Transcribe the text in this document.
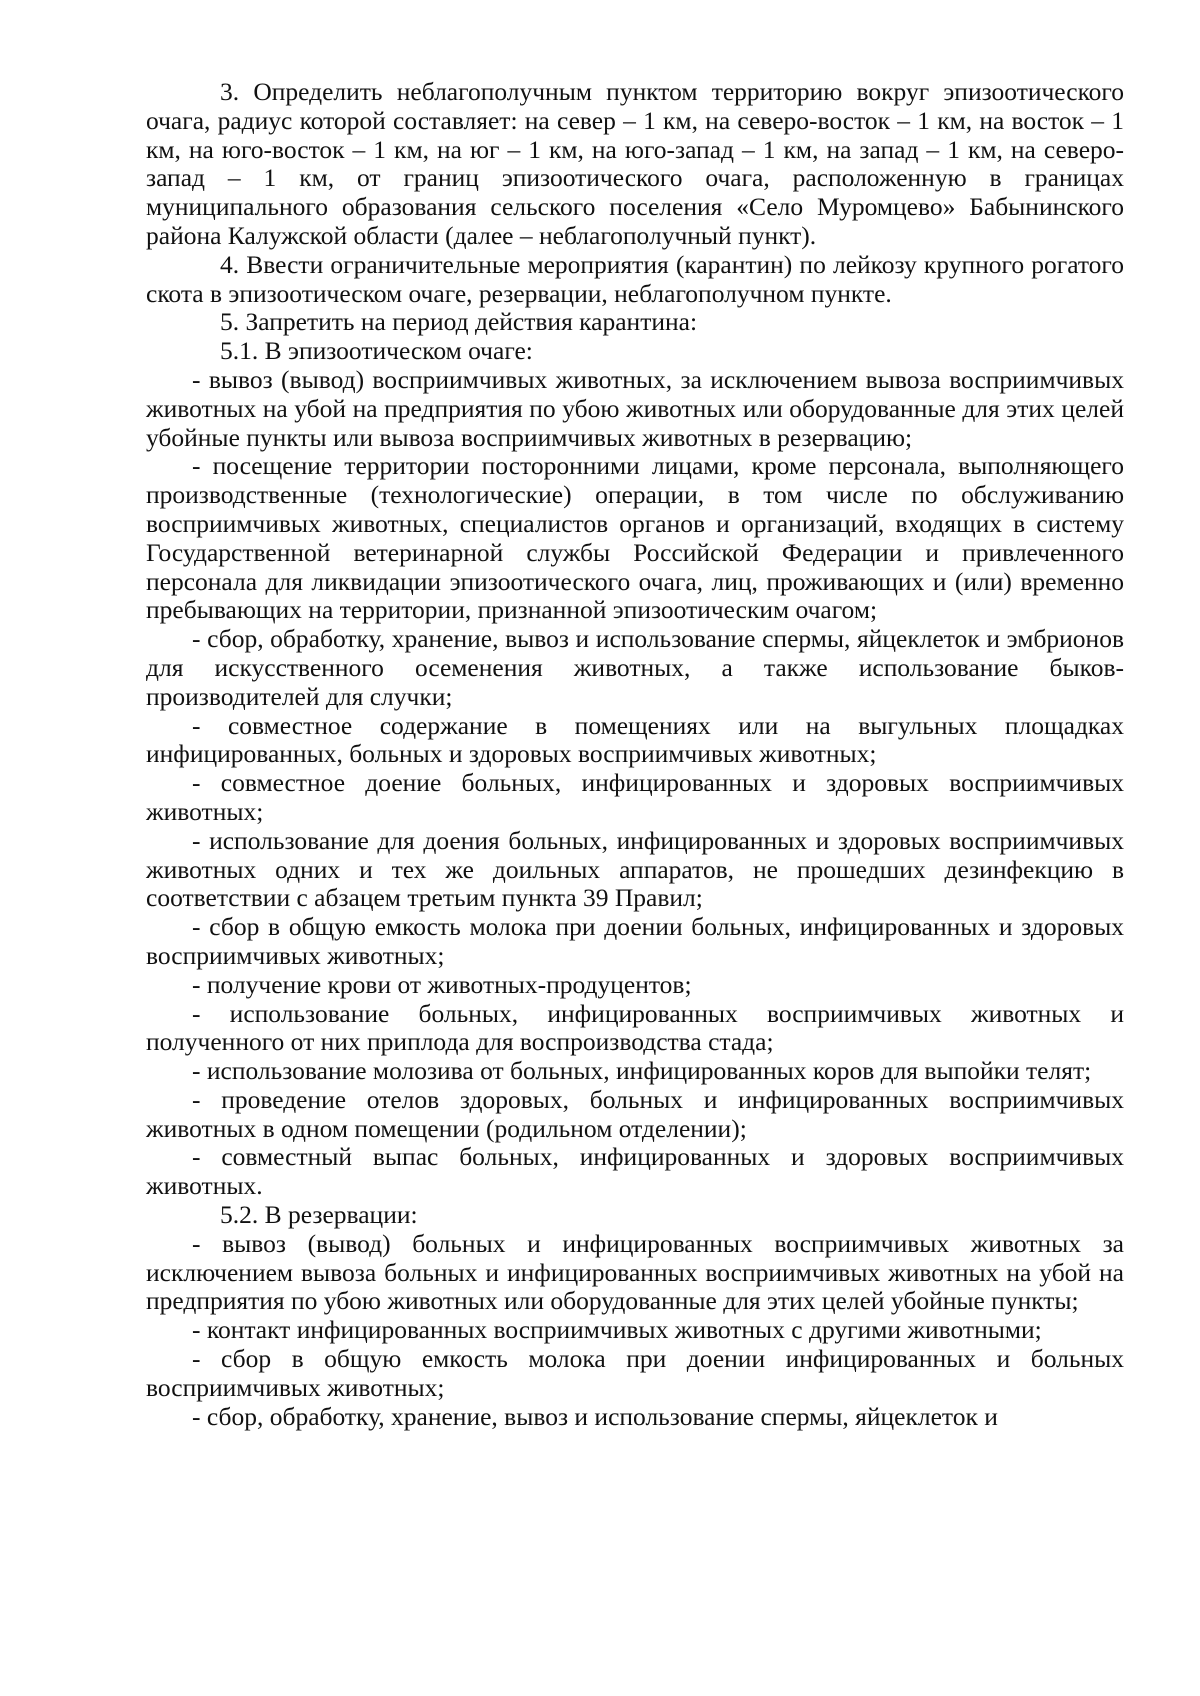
3. Определить неблагополучным пунктом территорию вокруг эпизоотического очага, радиус которой составляет: на север – 1 км, на северо-восток – 1 км, на восток – 1 км, на юго-восток – 1 км, на юг – 1 км, на юго-запад – 1 км, на запад – 1 км, на северо-запад – 1 км, от границ эпизоотического очага, расположенную в границах муниципального образования сельского поселения «Село Муромцево» Бабынинского района Калужской области (далее – неблагополучный пункт).

4. Ввести ограничительные мероприятия (карантин) по лейкозу крупного рогатого скота в эпизоотическом очаге, резервации, неблагополучном пункте.

5. Запретить на период действия карантина:

5.1. В эпизоотическом очаге:

- вывоз (вывод) восприимчивых животных, за исключением вывоза восприимчивых животных на убой на предприятия по убою животных или оборудованные для этих целей убойные пункты или вывоза восприимчивых животных в резервацию;

- посещение территории посторонними лицами, кроме персонала, выполняющего производственные (технологические) операции, в том числе по обслуживанию восприимчивых животных, специалистов органов и организаций, входящих в систему Государственной ветеринарной службы Российской Федерации и привлеченного персонала для ликвидации эпизоотического очага, лиц, проживающих и (или) временно пребывающих на территории, признанной эпизоотическим очагом;

- сбор, обработку, хранение, вывоз и использование спермы, яйцеклеток и эмбрионов для искусственного осеменения животных, а также использование быков-производителей для случки;

- совместное содержание в помещениях или на выгульных площадках инфицированных, больных и здоровых восприимчивых животных;

- совместное доение больных, инфицированных и здоровых восприимчивых животных;

- использование для доения больных, инфицированных и здоровых восприимчивых животных одних и тех же доильных аппаратов, не прошедших дезинфекцию в соответствии с абзацем третьим пункта 39 Правил;

- сбор в общую емкость молока при доении больных, инфицированных и здоровых восприимчивых животных;

- получение крови от животных-продуцентов;

- использование больных, инфицированных восприимчивых животных и полученного от них приплода для воспроизводства стада;

- использование молозива от больных, инфицированных коров для выпойки телят;

- проведение отелов здоровых, больных и инфицированных восприимчивых животных в одном помещении (родильном отделении);

- совместный выпас больных, инфицированных и здоровых восприимчивых животных.

5.2. В резервации:

- вывоз (вывод) больных и инфицированных восприимчивых животных за исключением вывоза больных и инфицированных восприимчивых животных на убой на предприятия по убою животных или оборудованные для этих целей убойные пункты;

- контакт инфицированных восприимчивых животных с другими животными;

- сбор в общую емкость молока при доении инфицированных и больных восприимчивых животных;

- сбор, обработку, хранение, вывоз и использование спермы, яйцеклеток и
